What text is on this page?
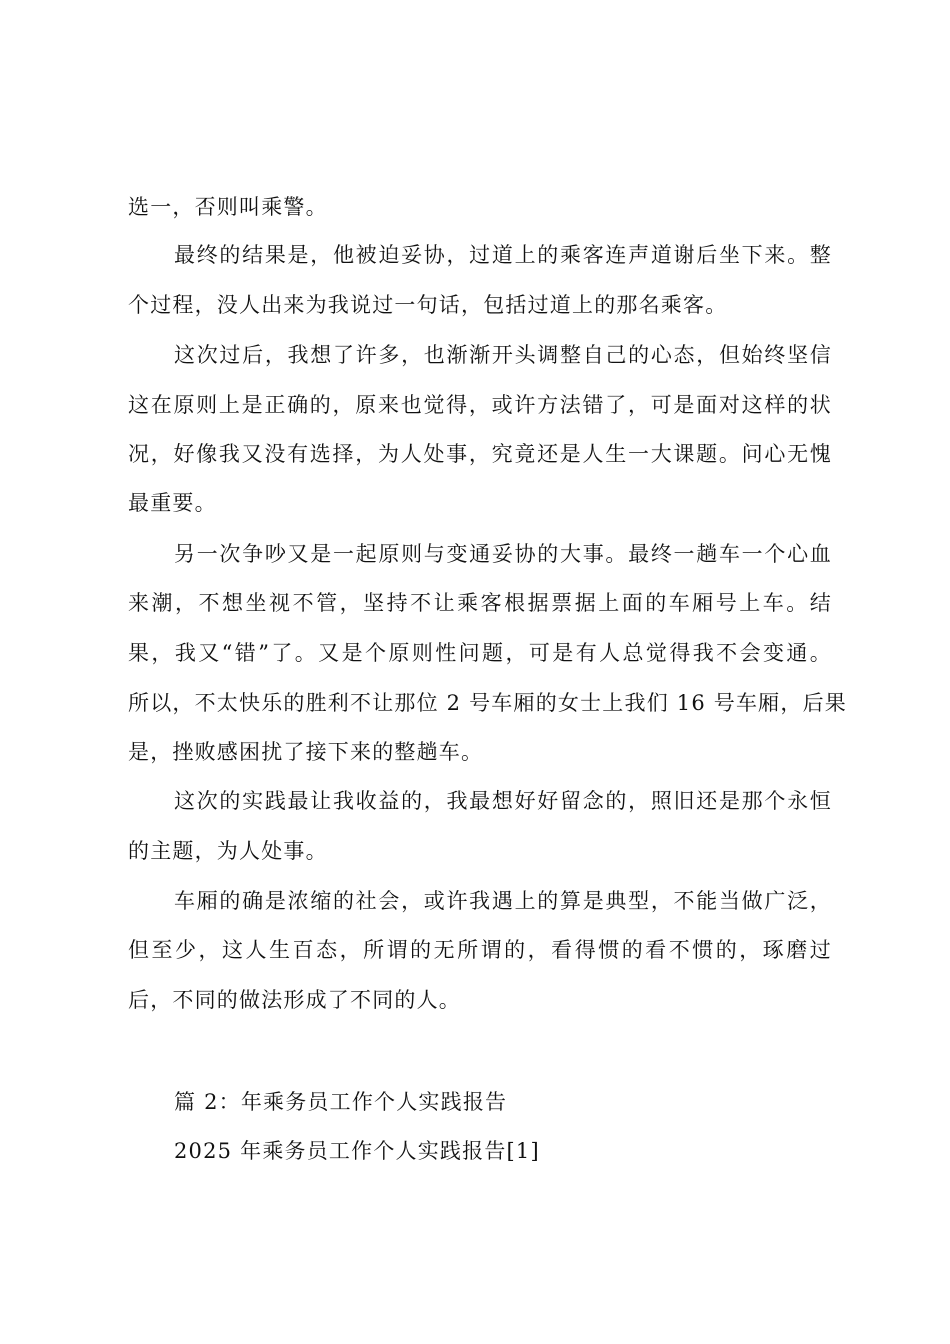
选一，否则叫乘警。
最终的结果是，他被迫妥协，过道上的乘客连声道谢后坐下来。整
个过程，没人出来为我说过一句话，包括过道上的那名乘客。
这次过后，我想了许多，也渐渐开头调整自己的心态，但始终坚信
这在原则上是正确的，原来也觉得，或许方法错了，可是面对这样的状
况，好像我又没有选择，为人处事，究竟还是人生一大课题。问心无愧
最重要。
另一次争吵又是一起原则与变通妥协的大事。最终一趟车一个心血
来潮，不想坐视不管，坚持不让乘客根据票据上面的车厢号上车。结
果，我又“错”了。又是个原则性问题，可是有人总觉得我不会变通。
所以，不太快乐的胜利不让那位 2 号车厢的女士上我们 16 号车厢，后果
是，挫败感困扰了接下来的整趟车。
这次的实践最让我收益的，我最想好好留念的，照旧还是那个永恒
的主题，为人处事。
车厢的确是浓缩的社会，或许我遇上的算是典型，不能当做广泛，
但至少，这人生百态，所谓的无所谓的，看得惯的看不惯的，琢磨过
后，不同的做法形成了不同的人。
篇 2：年乘务员工作个人实践报告
2025 年乘务员工作个人实践报告[1]
